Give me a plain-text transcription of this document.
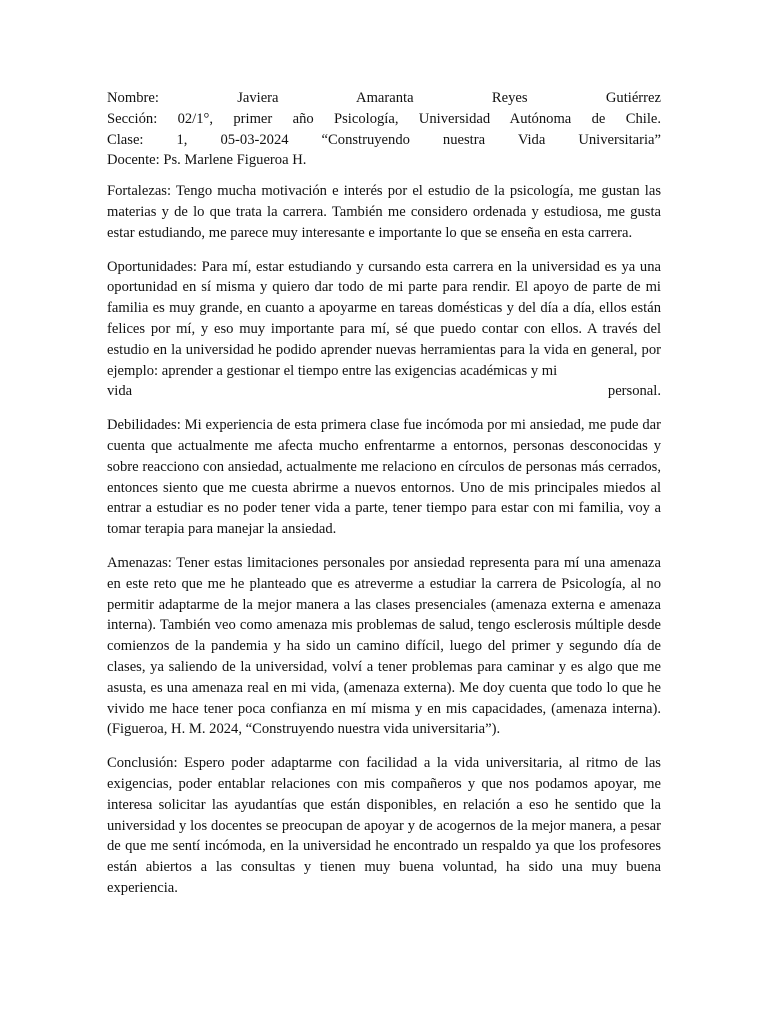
Nombre: Javiera Amaranta Reyes Gutiérrez
Sección: 02/1°, primer año Psicología, Universidad Autónoma de Chile.
Clase: 1, 05-03-2024 “Construyendo nuestra Vida Universitaria”
Docente: Ps. Marlene Figueroa H.

Fortalezas: Tengo mucha motivación e interés por el estudio de la psicología, me gustan las materias y de lo que trata la carrera. También me considero ordenada y estudiosa, me gusta estar estudiando, me parece muy interesante e importante lo que se enseña en esta carrera.

Oportunidades: Para mí, estar estudiando y cursando esta carrera en la universidad es ya una oportunidad en sí misma y quiero dar todo de mi parte para rendir. El apoyo de parte de mi familia es muy grande, en cuanto a apoyarme en tareas domésticas y del día a día, ellos están felices por mí, y eso muy importante para mí, sé que puedo contar con ellos. A través del estudio en la universidad he podido aprender nuevas herramientas para la vida en general, por ejemplo: aprender a gestionar el tiempo entre las exigencias académicas y mi
vida personal.

Debilidades: Mi experiencia de esta primera clase fue incómoda por mi ansiedad, me pude dar cuenta que actualmente me afecta mucho enfrentarme a entornos, personas desconocidas y sobre reacciono con ansiedad, actualmente me relaciono en círculos de personas más cerrados, entonces siento que me cuesta abrirme a nuevos entornos. Uno de mis principales miedos al entrar a estudiar es no poder tener vida a parte, tener tiempo para estar con mi familia, voy a tomar terapia para manejar la ansiedad.

Amenazas: Tener estas limitaciones personales por ansiedad representa para mí una amenaza en este reto que me he planteado que es atreverme a estudiar la carrera de Psicología, al no permitir adaptarme de la mejor manera a las clases presenciales (amenaza externa e amenaza interna). También veo como amenaza mis problemas de salud, tengo esclerosis múltiple desde comienzos de la pandemia y ha sido un camino difícil, luego del primer y segundo día de clases, ya saliendo de la universidad, volví a tener problemas para caminar y es algo que me asusta, es una amenaza real en mi vida, (amenaza externa). Me doy cuenta que todo lo que he vivido me hace tener poca confianza en mí misma y en mis capacidades, (amenaza interna). (Figueroa, H. M. 2024, “Construyendo nuestra vida universitaria”).

Conclusión: Espero poder adaptarme con facilidad a la vida universitaria, al ritmo de las exigencias, poder entablar relaciones con mis compañeros y que nos podamos apoyar, me interesa solicitar las ayudantías que están disponibles, en relación a eso he sentido que la universidad y los docentes se preocupan de apoyar y de acogernos de la mejor manera, a pesar de que me sentí incómoda, en la universidad he encontrado un respaldo ya que los profesores están abiertos a las consultas y tienen muy buena voluntad, ha sido una muy buena experiencia.
